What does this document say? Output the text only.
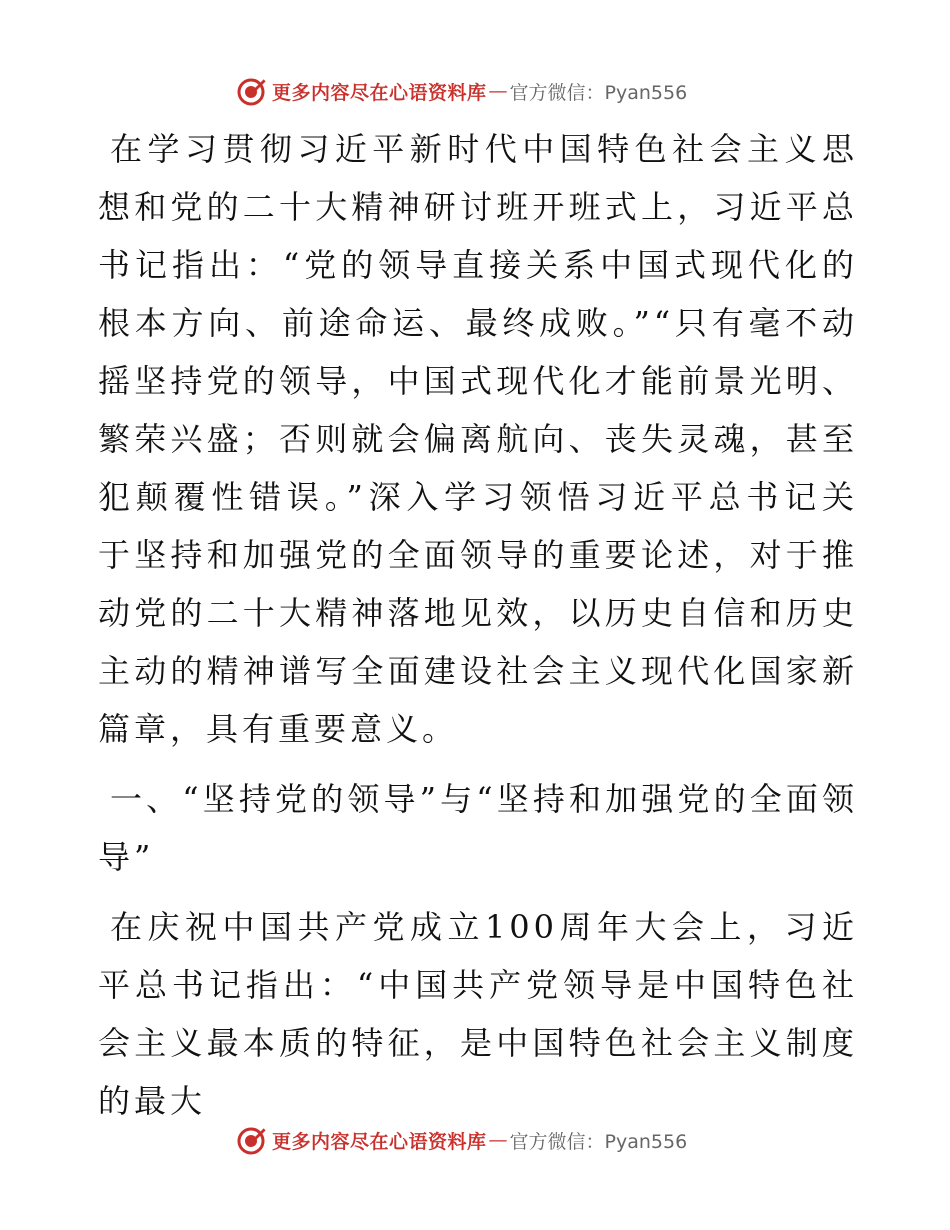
更多内容尽在心语资料库 — 官方微信：Pyan556

在学习贯彻习近平新时代中国特色社会主义思想和党的二十大精神研讨班开班式上，习近平总书记指出：“党的领导直接关系中国式现代化的根本方向、前途命运、最终成败。”“只有毫不动摇坚持党的领导，中国式现代化才能前景光明、繁荣兴盛；否则就会偏离航向、丧失灵魂，甚至犯颠覆性错误。”深入学习领悟习近平总书记关于坚持和加强党的全面领导的重要论述，对于推动党的二十大精神落地见效，以历史自信和历史主动的精神谱写全面建设社会主义现代化国家新篇章，具有重要意义。

一、“坚持党的领导”与“坚持和加强党的全面领导”

在庆祝中国共产党成立100周年大会上，习近平总书记指出：“中国共产党领导是中国特色社会主义最本质的特征，是中国特色社会主义制度的最大

更多内容尽在心语资料库 — 官方微信：Pyan556
